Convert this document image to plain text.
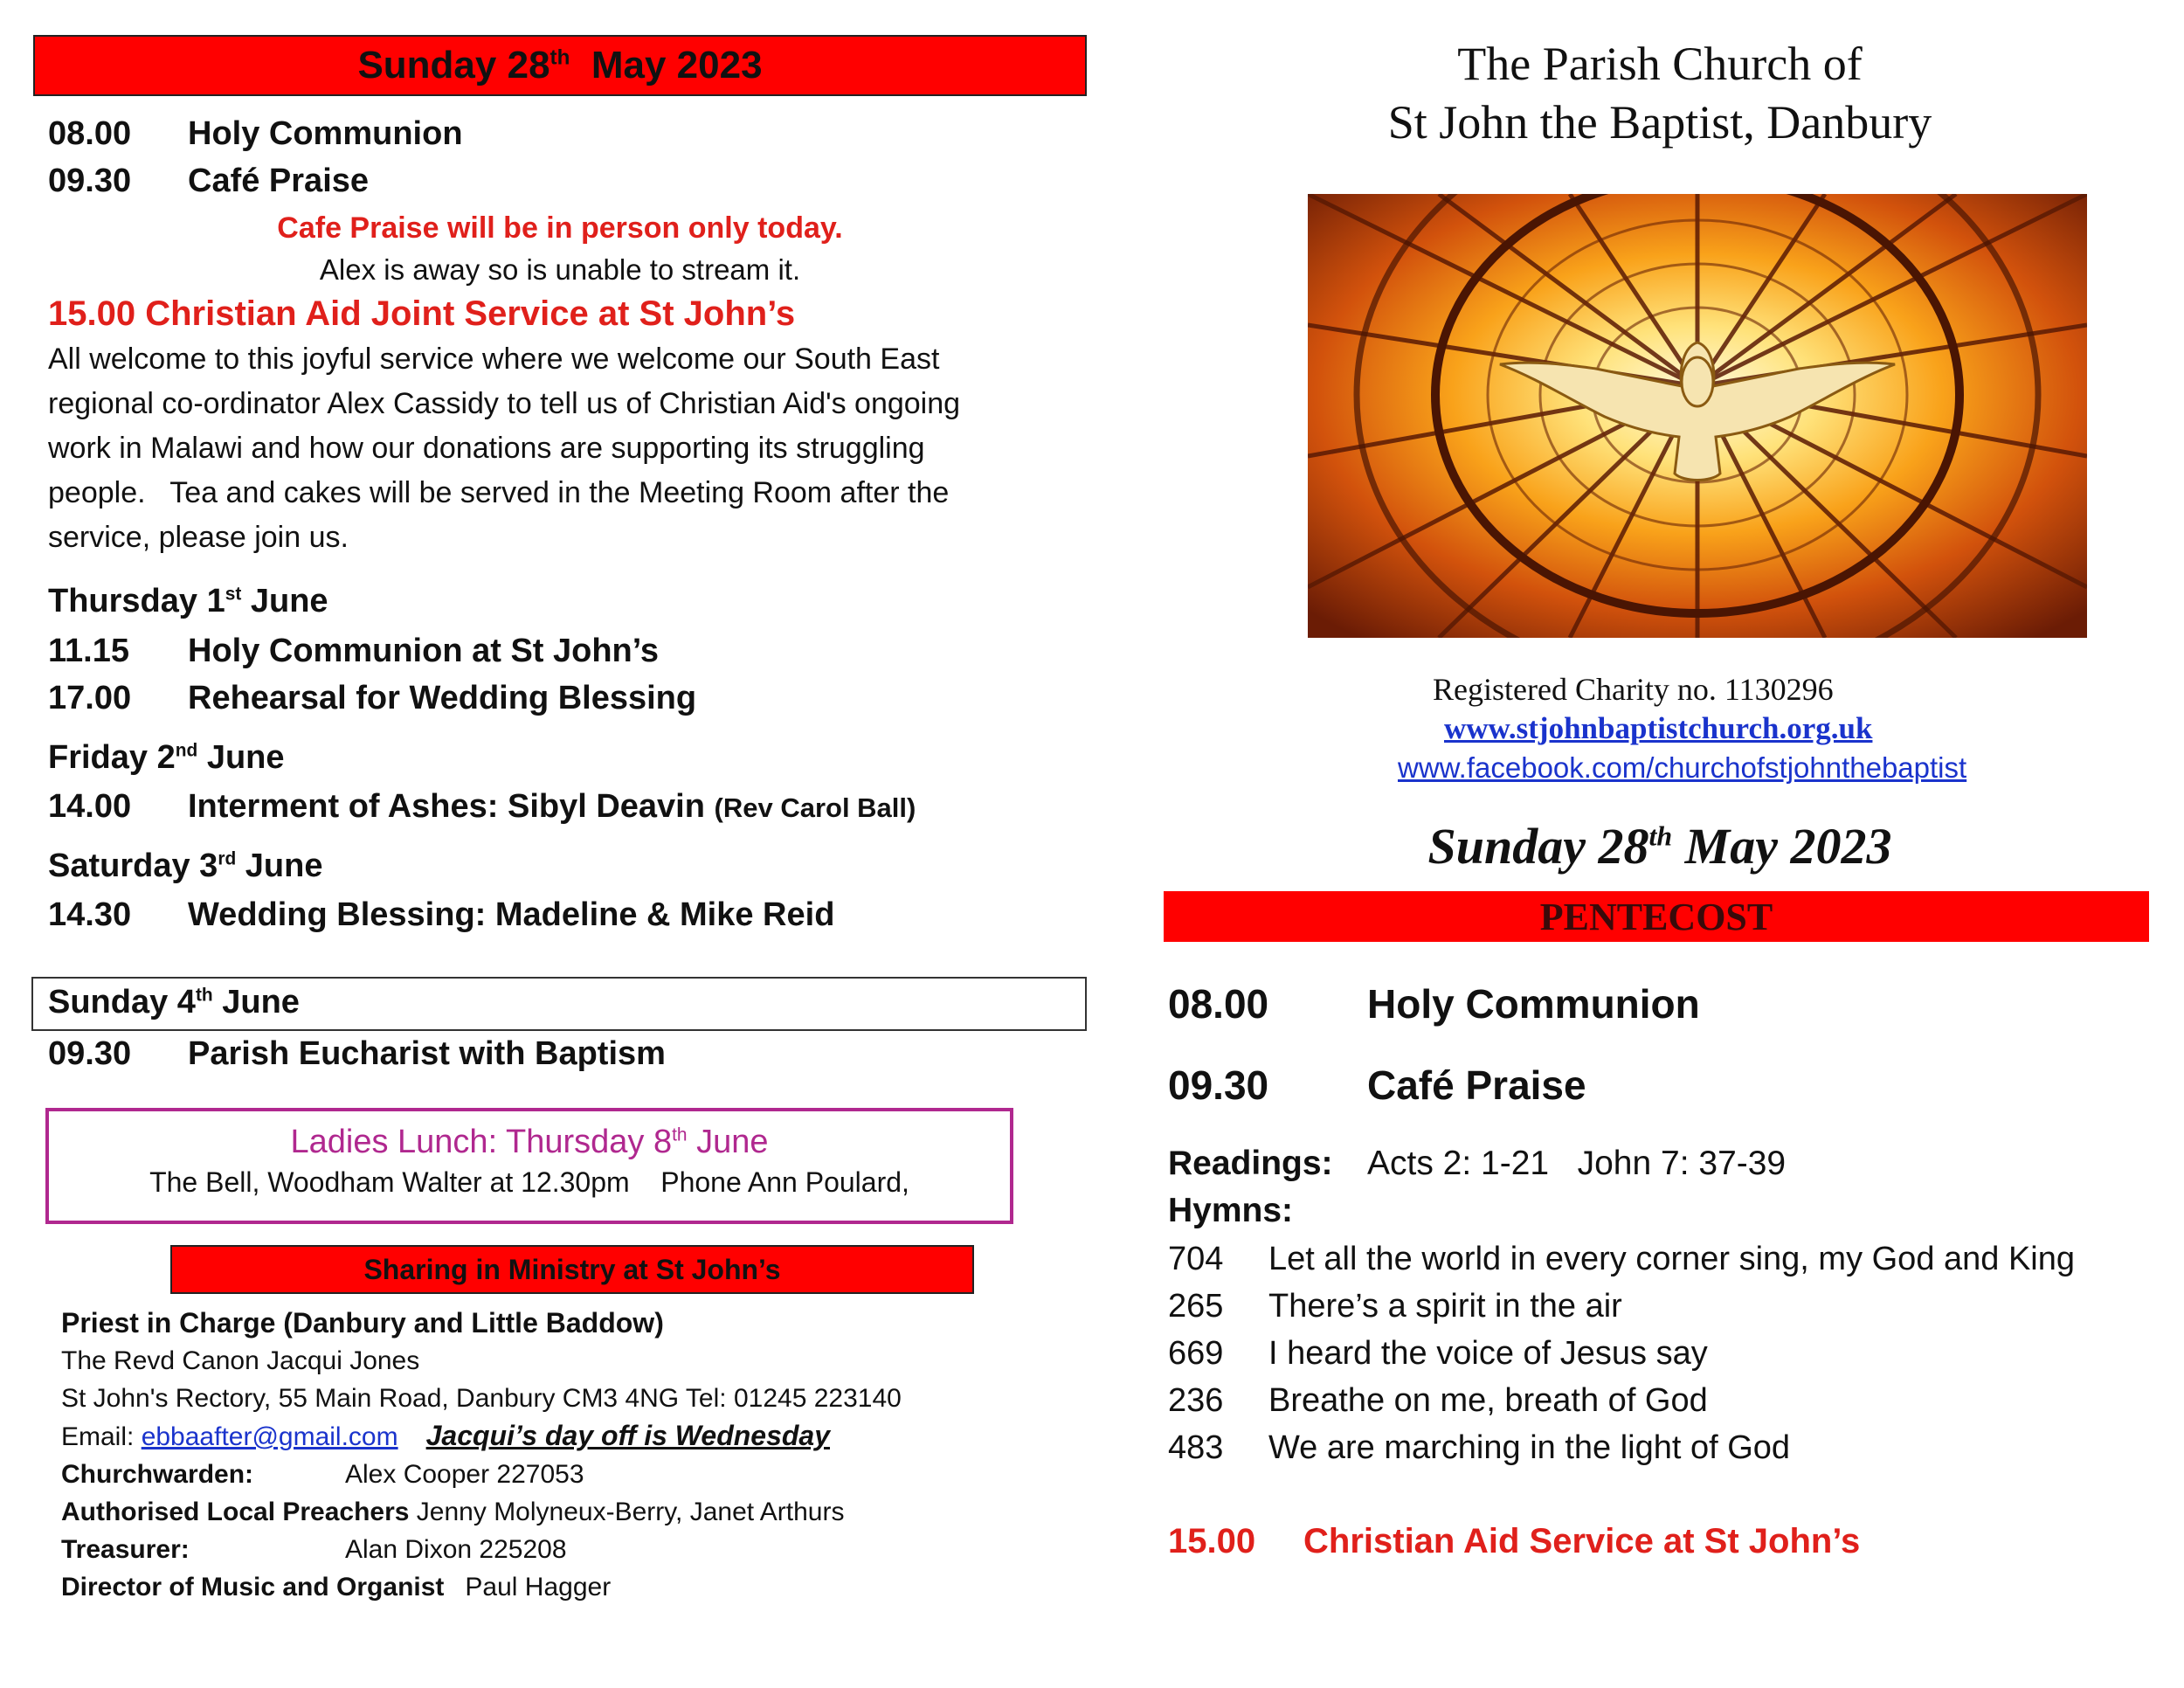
Sunday 28th  May 2023
08.00 Holy Communion
09.30 Café Praise
Cafe Praise will be in person only today.
Alex is away so is unable to stream it.
15.00 Christian Aid Joint Service at St John’s
All welcome to this joyful service where we welcome our South East
regional co-ordinator Alex Cassidy to tell us of Christian Aid's ongoing
work in Malawi and how our donations are supporting its struggling
people.   Tea and cakes will be served in the Meeting Room after the
service, please join us.
Thursday 1st June
11.15 Holy Communion at St John’s
17.00 Rehearsal for Wedding Blessing
Friday 2nd June
14.00 Interment of Ashes: Sibyl Deavin (Rev Carol Ball)
Saturday 3rd June
14.30 Wedding Blessing: Madeline & Mike Reid
Sunday 4th June
09.30 Parish Eucharist with Baptism
Ladies Lunch: Thursday 8th June
The Bell, Woodham Walter at 12.30pm    Phone Ann Poulard,
Sharing in Ministry at St John’s
Priest in Charge (Danbury and Little Baddow)
The Revd Canon Jacqui Jones
St John's Rectory, 55 Main Road, Danbury CM3 4NG Tel: 01245 223140
Email: ebbaafter@gmail.com Jacqui’s day off is Wednesday
Churchwarden:	Alex Cooper 227053
Authorised Local Preachers Jenny Molyneux-Berry, Janet Arthurs
Treasurer:	Alan Dixon 225208
Director of Music and Organist Paul Hagger
The Parish Church of
St John the Baptist, Danbury
Registered Charity no. 1130296
www.stjohnbaptistchurch.org.uk
www.facebook.com/churchofstjohnthebaptist
Sunday 28th May 2023
PENTECOST
08.00 Holy Communion
09.30 Café Praise
Readings: Acts 2: 1-21   John 7: 37-39
Hymns:
704 Let all the world in every corner sing, my God and King
265 There’s a spirit in the air
669 I heard the voice of Jesus say
236 Breathe on me, breath of God
483 We are marching in the light of God
15.00 Christian Aid Service at St John’s
